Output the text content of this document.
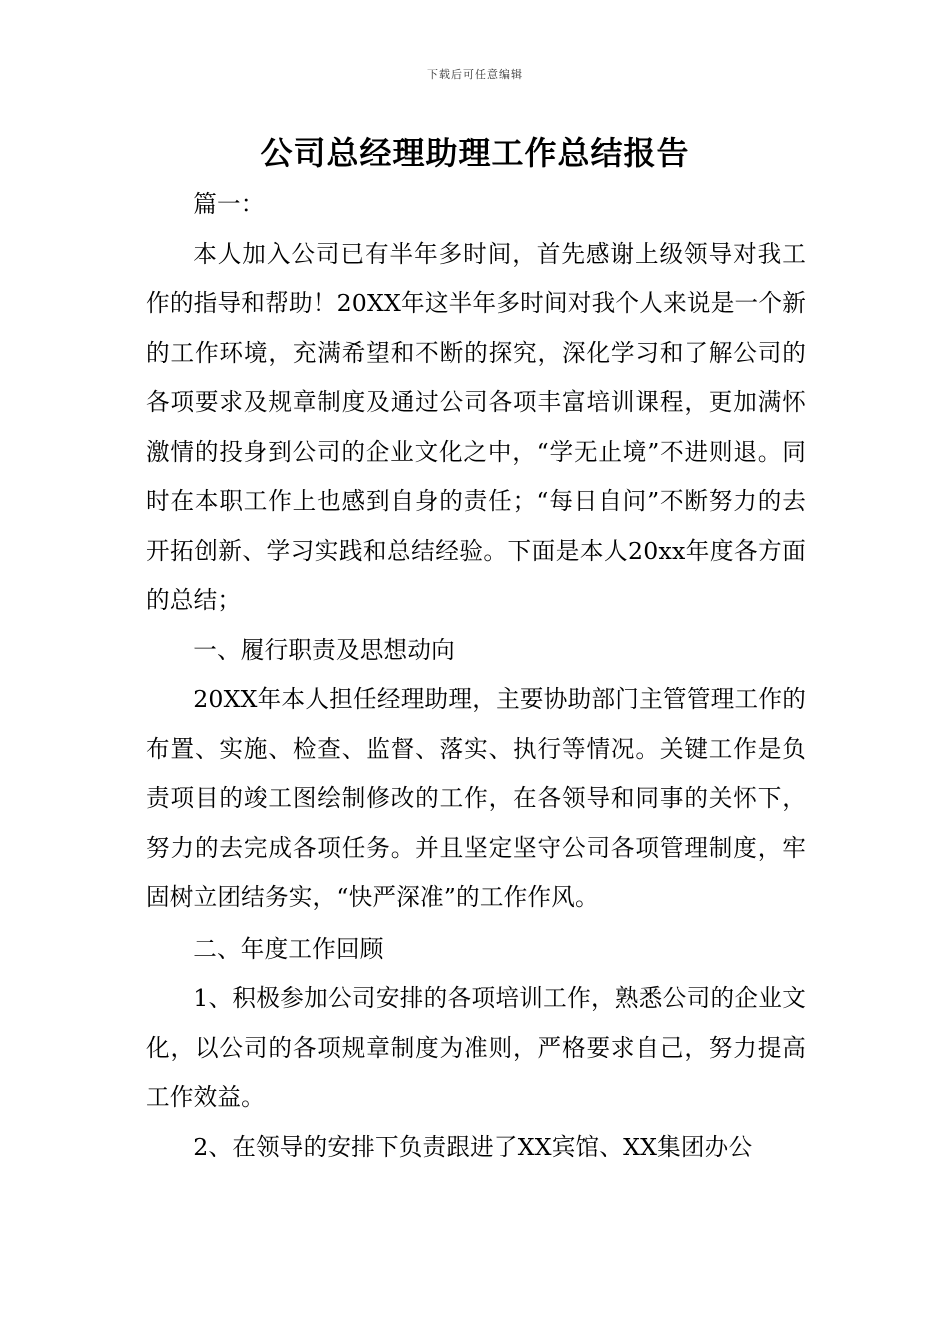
下载后可任意编辑
公司总经理助理工作总结报告

篇一：

本人加入公司已有半年多时间，首先感谢上级领导对我工作的指导和帮助！20XX年这半年多时间对我个人来说是一个新的工作环境，充满希望和不断的探究，深化学习和了解公司的各项要求及规章制度及通过公司各项丰富培训课程，更加满怀激情的投身到公司的企业文化之中，“学无止境”不进则退。同时在本职工作上也感到自身的责任；“每日自问”不断努力的去开拓创新、学习实践和总结经验。下面是本人20xx年度各方面的总结；

一、履行职责及思想动向

20XX年本人担任经理助理，主要协助部门主管管理工作的布置、实施、检查、监督、落实、执行等情况。关键工作是负责项目的竣工图绘制修改的工作，在各领导和同事的关怀下，努力的去完成各项任务。并且坚定坚守公司各项管理制度，牢固树立团结务实，“快严深准”的工作作风。

二、年度工作回顾

1、积极参加公司安排的各项培训工作，熟悉公司的企业文化，以公司的各项规章制度为准则，严格要求自己，努力提高工作效益。

2、在领导的安排下负责跟进了XX宾馆、XX集团办公
